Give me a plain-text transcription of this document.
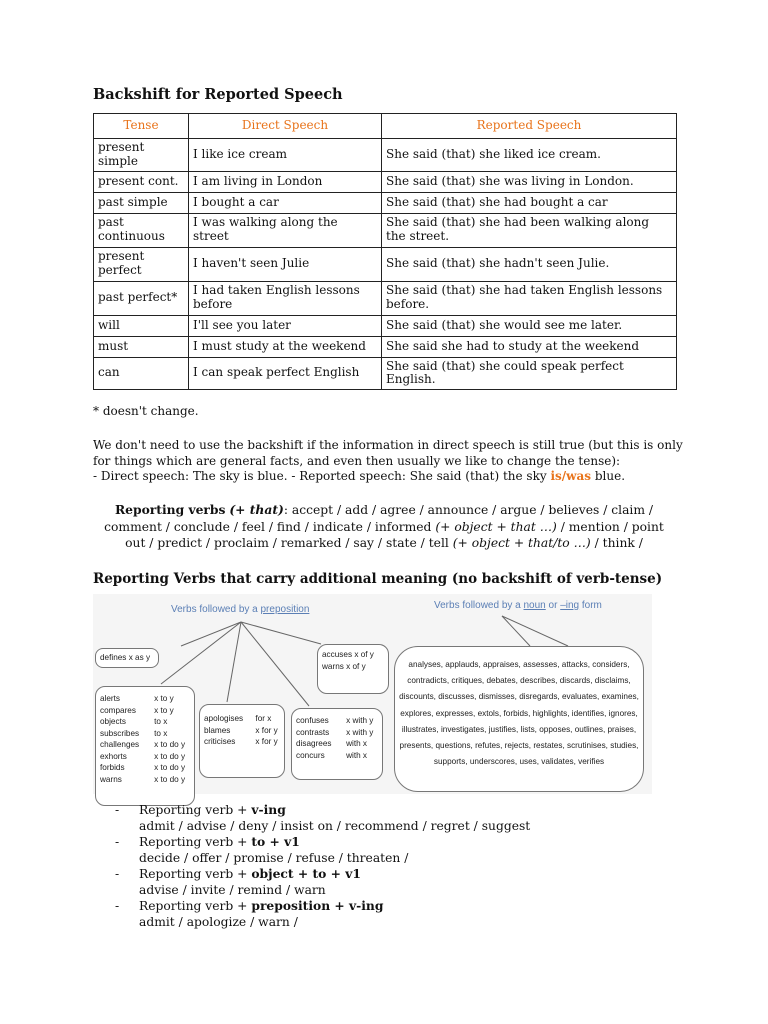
Backshift for Reported Speech
Tense	Direct Speech	Reported Speech
present simple	I like ice cream	She said (that) she liked ice cream.
present cont.	I am living in London	She said (that) she was living in London.
past simple	I bought a car	She said (that) she had bought a car
past continuous	I was walking along the street	She said (that) she had been walking along the street.
present perfect	I haven't seen Julie	She said (that) she hadn't seen Julie.
past perfect*	I had taken English lessons before	She said (that) she had taken English lessons before.
will	I'll see you later	She said (that) she would see me later.
must	I must study at the weekend	She said she had to study at the weekend
can	I can speak perfect English	She said (that) she could speak perfect English.
* doesn't change.
We don't need to use the backshift if the information in direct speech is still true (but this is only for things which are general facts, and even then usually we like to change the tense):
- Direct speech: The sky is blue. - Reported speech: She said (that) the sky is/was blue.
Reporting verbs (+ that): accept / add / agree / announce / argue / believes / claim / comment / conclude / feel / find / indicate / informed (+ object + that …) / mention / point out / predict / proclaim / remarked / say / state / tell (+ object + that/to …) / think /
Reporting Verbs that carry additional meaning (no backshift of verb-tense)
Verbs followed by a preposition
defines x as y	accuses x of y
warns x of y
alerts	x to y
compares	x to y
objects	to x
subscribes	to x
challenges	x to do y
exhorts	x to do y
forbids	x to do y
warns	x to do y
apologises for x
blames	x for y
criticises	x for y
confuses	x with y
contrasts	x with y
disagrees	with x
concurs	with x
Verbs followed by a noun or –ing form
analyses, applauds, appraises, assesses, attacks, considers,
contradicts, critiques, debates, describes, discards, disclaims,
discounts, discusses, dismisses, disregards, evaluates, examines,
explores, expresses, extols, forbids, highlights, identifies, ignores,
illustrates, investigates, justifies, lists, opposes, outlines, praises,
presents, questions, refutes, rejects, restates, scrutinises, studies,
supports, underscores, uses, validates, verifies
- Reporting verb + v-ing
admit / advise / deny / insist on / recommend / regret / suggest
- Reporting verb + to + v1
decide / offer / promise / refuse / threaten /
- Reporting verb + object + to + v1
advise / invite / remind / warn
- Reporting verb + preposition + v-ing
admit / apologize / warn /
